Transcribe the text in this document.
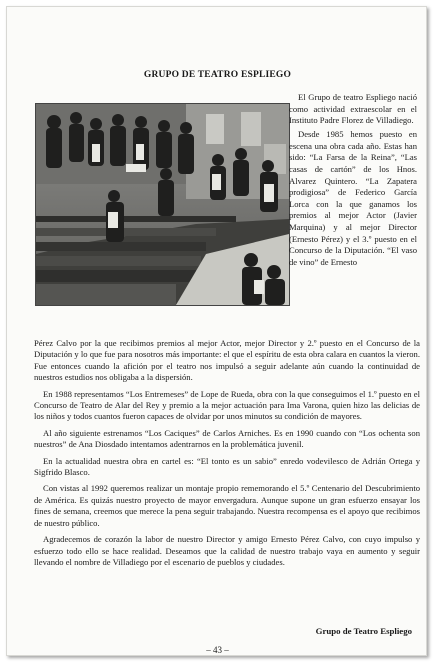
GRUPO DE TEATRO ESPLIEGO

El Grupo de teatro Espliego nació como actividad extraescolar en el Instituto Padre Florez de Villadiego.

Desde 1985 hemos puesto en escena una obra cada año. Estas han sido: “La Farsa de la Reina”, “Las casas de cartón” de los Hnos. Alvarez Quintero. “La Zapatera prodigiosa” de Federico García Lorca con la que ganamos los premios al mejor Actor (Javier Marquina) y al mejor Director (Ernesto Pérez) y el 3.º puesto en el Concurso de la Diputación. “El vaso de vino” de Ernesto

Pérez Calvo por la que recibimos premios al mejor Actor, mejor Director y 2.º puesto en el Concurso de la Diputación y lo que fue para nosotros más importante: el que el espíritu de esta obra calara en cuantos la vieron. Fue entonces cuando la afición por el teatro nos impulsó a seguir adelante aún cuando la continuidad de nuestros estudios nos obligaba a la dispersión.

En 1988 representamos “Los Entremeses” de Lope de Rueda, obra con la que conseguimos el 1.º puesto en el Concurso de Teatro de Alar del Rey y premio a la mejor actuación para Ima Varona, quien hizo las delicias de los niños y todos cuantos fueron capaces de olvidar por unos minutos su condición de mayores.

Al año siguiente estrenamos “Los Caciques” de Carlos Arniches. Es en 1990 cuando con “Los ochenta son nuestros” de Ana Diosdado intentamos adentrarnos en la problemática juvenil.

En la actualidad nuestra obra en cartel es: “El tonto es un sabio” enredo vodevilesco de Adrián Ortega y Sigfrido Blasco.

Con vistas al 1992 queremos realizar un montaje propio rememorando el 5.º Centenario del Descubrimiento de América. Es quizás nuestro proyecto de mayor envergadura. Aunque supone un gran esfuerzo ensayar los fines de semana, creemos que merece la pena seguir trabajando. Nuestra recompensa es el apoyo que recibimos de nuestro público.

Agradecemos de corazón la labor de nuestro Director y amigo Ernesto Pérez Calvo, con cuyo impulso y esfuerzo todo ello se hace realidad. Deseamos que la calidad de nuestro trabajo vaya en aumento y seguir llevando el nombre de Villadiego por el escenario de pueblos y ciudades.

Grupo de Teatro Espliego
– 43 –
